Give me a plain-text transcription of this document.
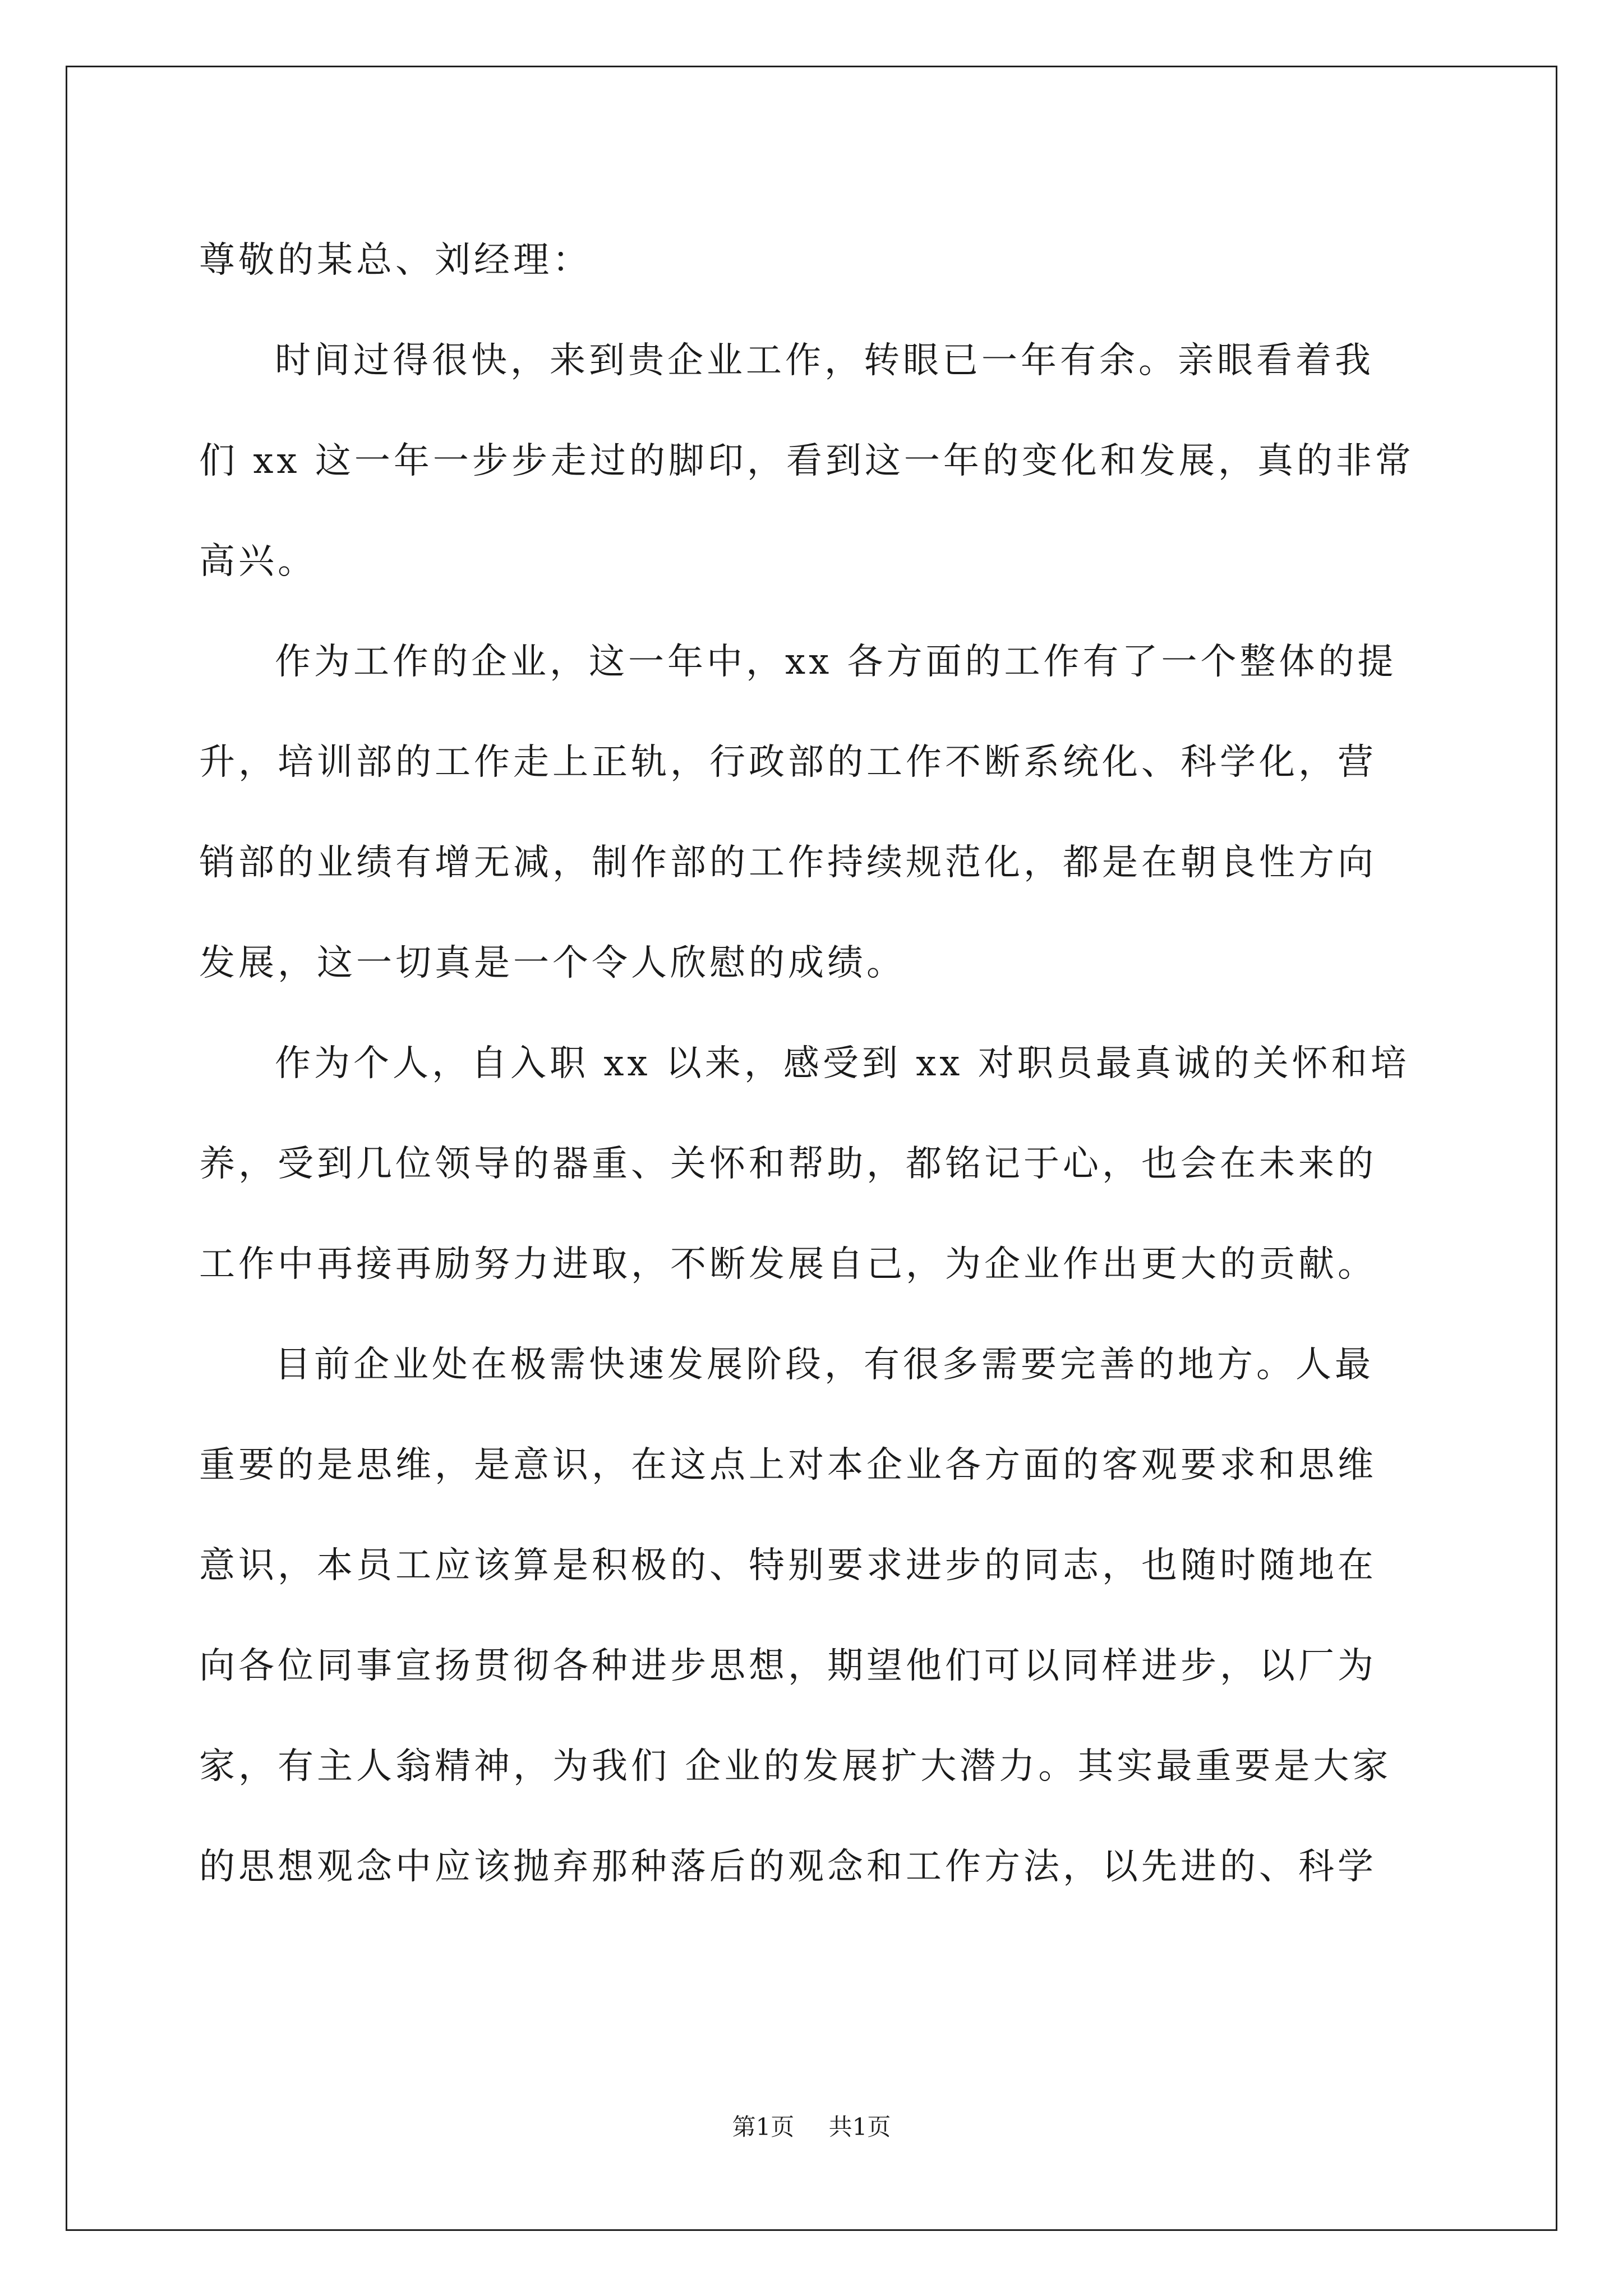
尊敬的某总、刘经理：
时间过得很快，来到贵企业工作，转眼已一年有余。亲眼看着我
们 xx 这一年一步步走过的脚印，看到这一年的变化和发展，真的非常
高兴。
作为工作的企业，这一年中，xx 各方面的工作有了一个整体的提
升，培训部的工作走上正轨，行政部的工作不断系统化、科学化，营
销部的业绩有增无减，制作部的工作持续规范化，都是在朝良性方向
发展，这一切真是一个令人欣慰的成绩。
作为个人，自入职 xx 以来，感受到 xx 对职员最真诚的关怀和培
养，受到几位领导的器重、关怀和帮助，都铭记于心，也会在未来的
工作中再接再励努力进取，不断发展自己，为企业作出更大的贡献。
目前企业处在极需快速发展阶段，有很多需要完善的地方。人最
重要的是思维，是意识，在这点上对本企业各方面的客观要求和思维
意识，本员工应该算是积极的、特别要求进步的同志，也随时随地在
向各位同事宣扬贯彻各种进步思想，期望他们可以同样进步，以厂为
家，有主人翁精神，为我们 企业的发展扩大潜力。其实最重要是大家
的思想观念中应该抛弃那种落后的观念和工作方法，以先进的、科学
第1页 共1页
